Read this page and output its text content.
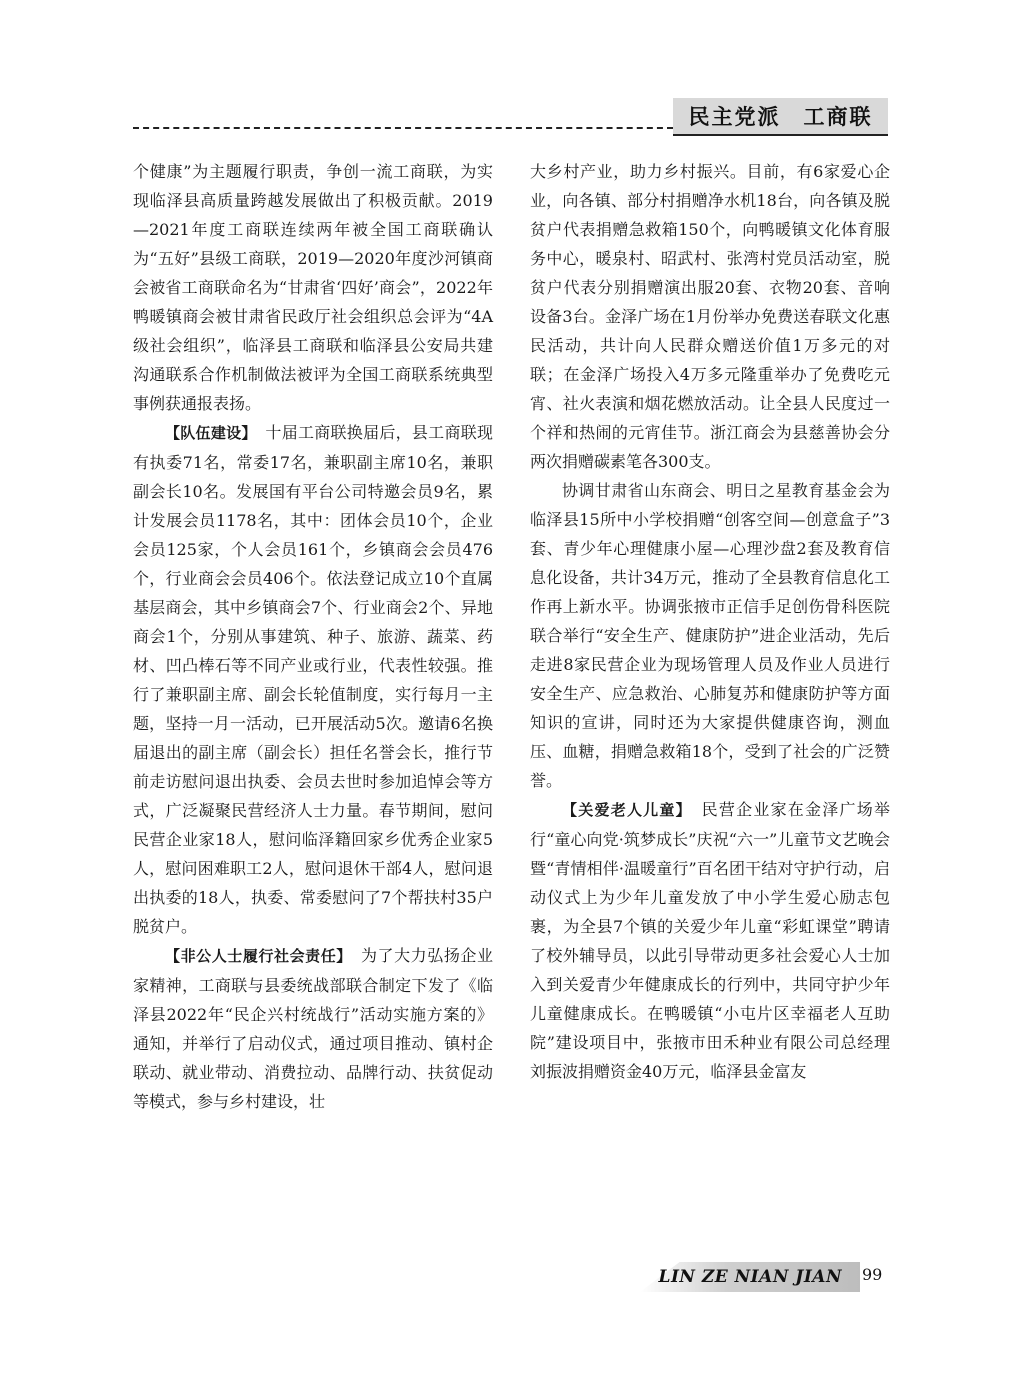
民主党派　工商联

个健康”为主题履行职责，争创一流工商联，为实现临泽县高质量跨越发展做出了积极贡献。2019—2021年度工商联连续两年被全国工商联确认为“五好”县级工商联，2019—2020年度沙河镇商会被省工商联命名为“甘肃省‘四好’商会”，2022年鸭暖镇商会被甘肃省民政厅社会组织总会评为“4A级社会组织”，临泽县工商联和临泽县公安局共建沟通联系合作机制做法被评为全国工商联系统典型事例获通报表扬。

【队伍建设】　十届工商联换届后，县工商联现有执委71名，常委17名，兼职副主席10名，兼职副会长10名。发展国有平台公司特邀会员9名，累计发展会员1178名，其中：团体会员10个，企业会员125家，个人会员161个，乡镇商会会员476个，行业商会会员406个。依法登记成立10个直属基层商会，其中乡镇商会7个、行业商会2个、异地商会1个，分别从事建筑、种子、旅游、蔬菜、药材、凹凸棒石等不同产业或行业，代表性较强。推行了兼职副主席、副会长轮值制度，实行每月一主题，坚持一月一活动，已开展活动5次。邀请6名换届退出的副主席（副会长）担任名誉会长，推行节前走访慰问退出执委、会员去世时参加追悼会等方式，广泛凝聚民营经济人士力量。春节期间，慰问民营企业家18人，慰问临泽籍回家乡优秀企业家5人，慰问困难职工2人，慰问退休干部4人，慰问退出执委的18人，执委、常委慰问了7个帮扶村35户脱贫户。

【非公人士履行社会责任】　为了大力弘扬企业家精神，工商联与县委统战部联合制定下发了《临泽县2022年“民企兴村统战行”活动实施方案的》通知，并举行了启动仪式，通过项目推动、镇村企联动、就业带动、消费拉动、品牌行动、扶贫促动等模式，参与乡村建设，壮

大乡村产业，助力乡村振兴。目前，有6家爱心企业，向各镇、部分村捐赠净水机18台，向各镇及脱贫户代表捐赠急救箱150个，向鸭暖镇文化体育服务中心，暖泉村、昭武村、张湾村党员活动室，脱贫户代表分别捐赠演出服20套、衣物20套、音响设备3台。金泽广场在1月份举办免费送春联文化惠民活动，共计向人民群众赠送价值1万多元的对联；在金泽广场投入4万多元隆重举办了免费吃元宵、社火表演和烟花燃放活动。让全县人民度过一个祥和热闹的元宵佳节。浙江商会为县慈善协会分两次捐赠碳素笔各300支。

协调甘肃省山东商会、明日之星教育基金会为临泽县15所中小学校捐赠“创客空间—创意盒子”3套、青少年心理健康小屋—心理沙盘2套及教育信息化设备，共计34万元，推动了全县教育信息化工作再上新水平。协调张掖市正信手足创伤骨科医院联合举行“安全生产、健康防护”进企业活动，先后走进8家民营企业为现场管理人员及作业人员进行安全生产、应急救治、心肺复苏和健康防护等方面知识的宣讲，同时还为大家提供健康咨询，测血压、血糖，捐赠急救箱18个，受到了社会的广泛赞誉。

【关爱老人儿童】　民营企业家在金泽广场举行“童心向党·筑梦成长”庆祝“六一”儿童节文艺晚会暨“青情相伴·温暖童行”百名团干结对守护行动，启动仪式上为少年儿童发放了中小学生爱心励志包裹，为全县7个镇的关爱少年儿童“彩虹课堂”聘请了校外辅导员，以此引导带动更多社会爱心人士加入到关爱青少年健康成长的行列中，共同守护少年儿童健康成长。在鸭暖镇“小屯片区幸福老人互助院”建设项目中，张掖市田禾种业有限公司总经理刘振波捐赠资金40万元，临泽县金富友

LIN ZE NIAN JIAN 99
